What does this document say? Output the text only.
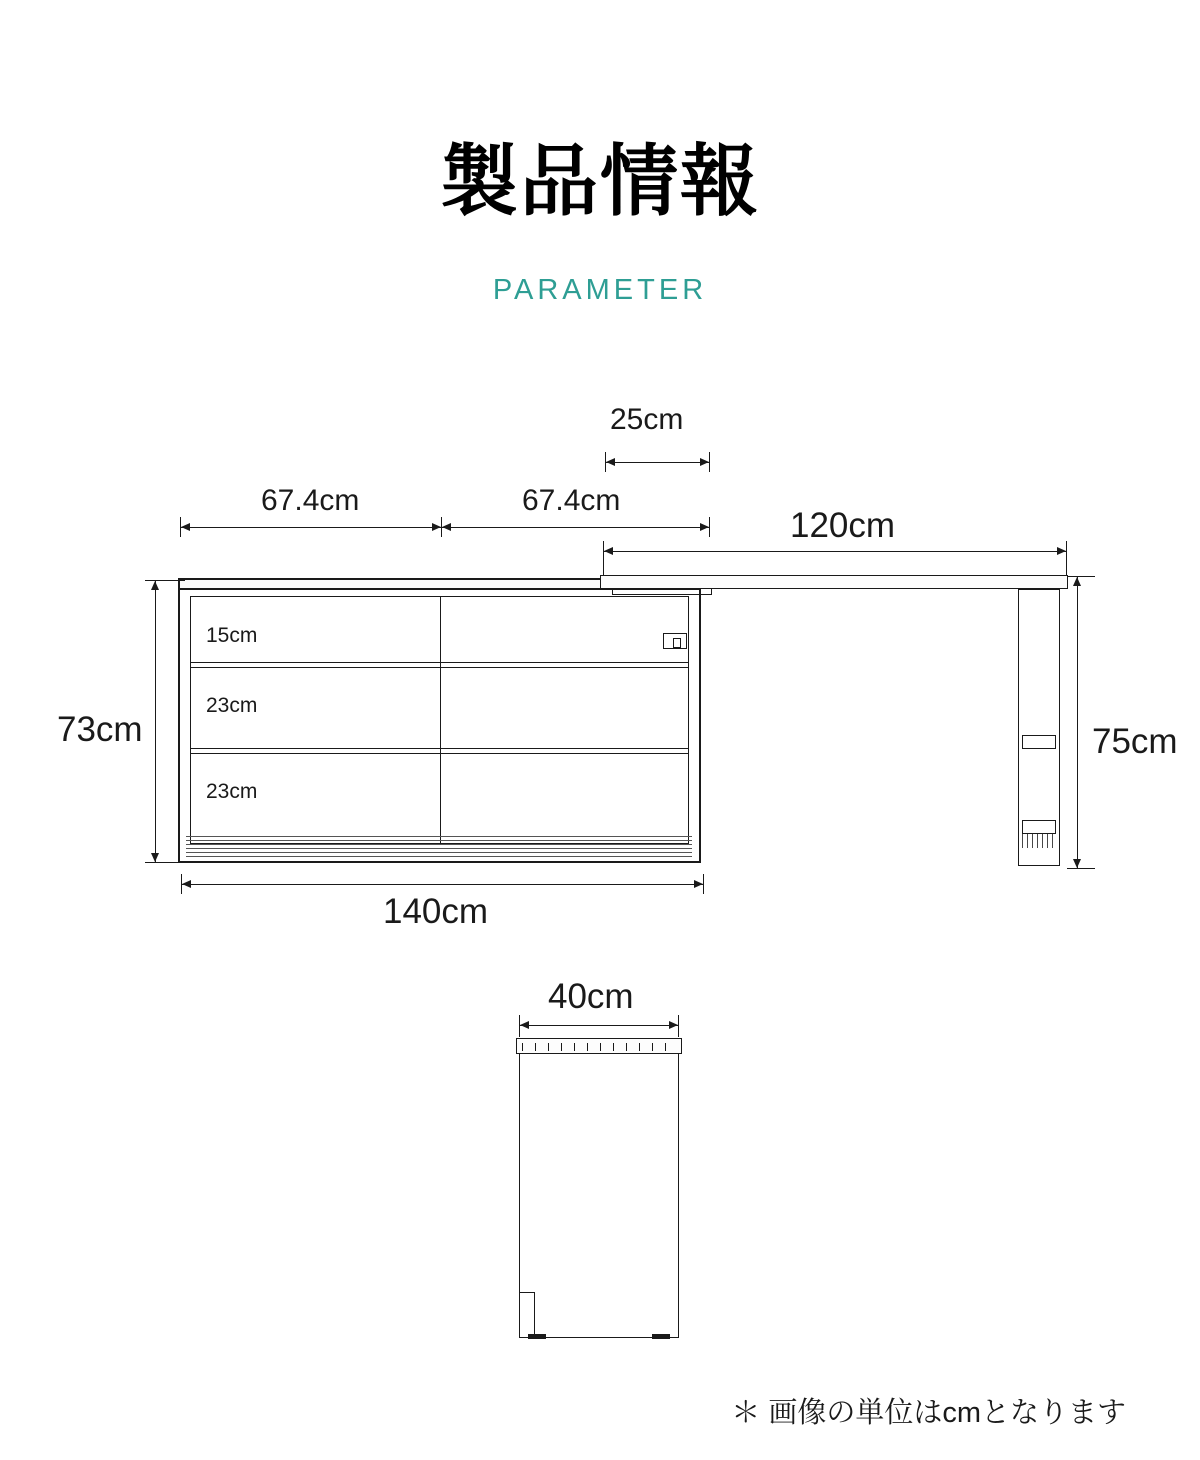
製品情報
PARAMETER
25cm
67.4cm	67.4cm
120cm
15cm
23cm
23cm
73cm	75cm
140cm
40cm
＊ 画像の単位はcmとなります
